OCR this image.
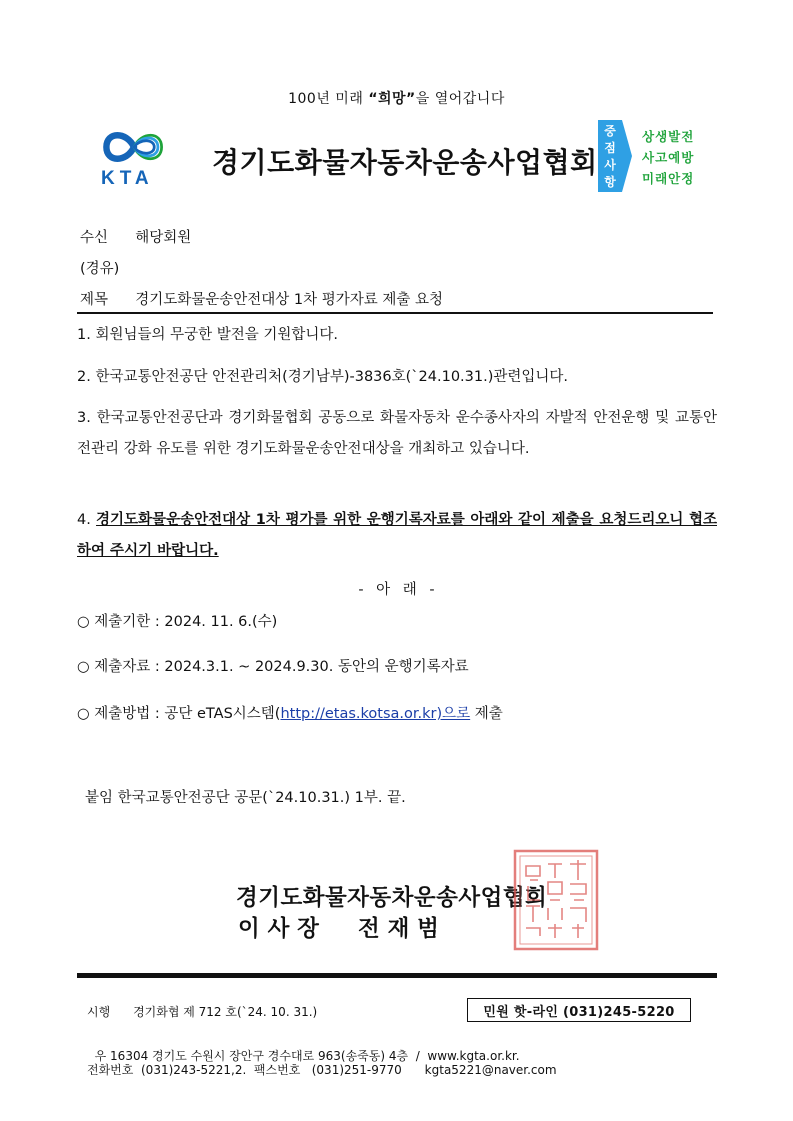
100년 미래 “희망”을 열어갑니다
KTA 경기도화물자동차운송사업협회
중
점
사
항
상생발전
사고예방
미래안정
수신 해당회원
(경유)
제목 경기도화물운송안전대상 1차 평가자료 제출 요청
1. 회원님들의 무궁한 발전을 기원합니다.
2. 한국교통안전공단 안전관리처(경기남부)-3836호(`24.10.31.)관련입니다.
3. 한국교통안전공단과 경기화물협회 공동으로 화물자동차 운수종사자의 자발적 안전운행 및 교통안전관리 강화 유도를 위한 경기도화물운송안전대상을 개최하고 있습니다.
4. 경기도화물운송안전대상 1차 평가를 위한 운행기록자료를 아래와 같이 제출을 요청드리오니 협조하여 주시기 바랍니다.
- 아 래 -
○ 제출기한 : 2024. 11. 6.(수)
○ 제출자료 : 2024.3.1. ~ 2024.9.30. 동안의 운행기록자료
○ 제출방법 : 공단 eTAS시스템(http://etas.kotsa.or.kr)으로 제출
붙임 한국교통안전공단 공문(`24.10.31.) 1부. 끝.
경기도화물자동차운송사업협회
이 사 장     전 재 범
시행      경기화협 제 712 호(`24. 10. 31.)	민원 핫-라인 (031)245-5220

우 16304 경기도 수원시 장안구 경수대로 963(송죽동) 4층  /  www.kgta.or.kr.

전화번호  (031)243-5221,2.  팩스번호   (031)251-9770      kgta5221@naver.com
